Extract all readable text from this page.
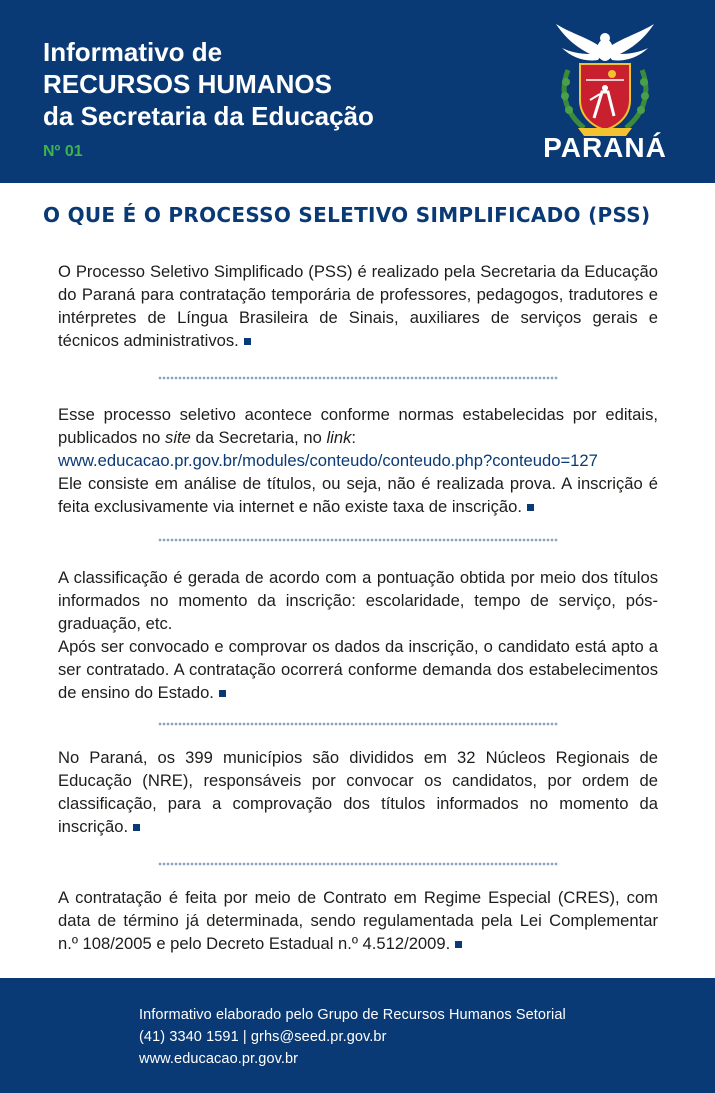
Informativo de
RECURSOS HUMANOS
da Secretaria da Educação
Nº 01	PARANÁ
O QUE É O PROCESSO SELETIVO SIMPLIFICADO (PSS)
O Processo Seletivo Simplificado (PSS) é realizado pela Secretaria da Educação do Paraná para contratação temporária de professores, pedagogos, tradutores e intérpretes de Língua Brasileira de Sinais, auxiliares de serviços gerais e técnicos administrativos.
Esse processo seletivo acontece conforme normas estabelecidas por editais, publicados no site da Secretaria, no link:
www.educacao.pr.gov.br/modules/conteudo/conteudo.php?conteudo=127
Ele consiste em análise de títulos, ou seja, não é realizada prova. A inscrição é feita exclusivamente via internet e não existe taxa de inscrição.
A classificação é gerada de acordo com a pontuação obtida por meio dos títulos informados no momento da inscrição: escolaridade, tempo de serviço, pós-graduação, etc.
Após ser convocado e comprovar os dados da inscrição, o candidato está apto a ser contratado. A contratação ocorrerá conforme demanda dos estabelecimentos de ensino do Estado.
No Paraná, os 399 municípios são divididos em 32 Núcleos Regionais de Educação (NRE), responsáveis por convocar os candidatos, por ordem de classificação, para a comprovação dos títulos informados no momento da inscrição.
A contratação é feita por meio de Contrato em Regime Especial (CRES), com data de término já determinada, sendo regulamentada pela Lei Complementar n.º 108/2005 e pelo Decreto Estadual n.º 4.512/2009.
Informativo elaborado pelo Grupo de Recursos Humanos Setorial
(41) 3340 1591 | grhs@seed.pr.gov.br
www.educacao.pr.gov.br
